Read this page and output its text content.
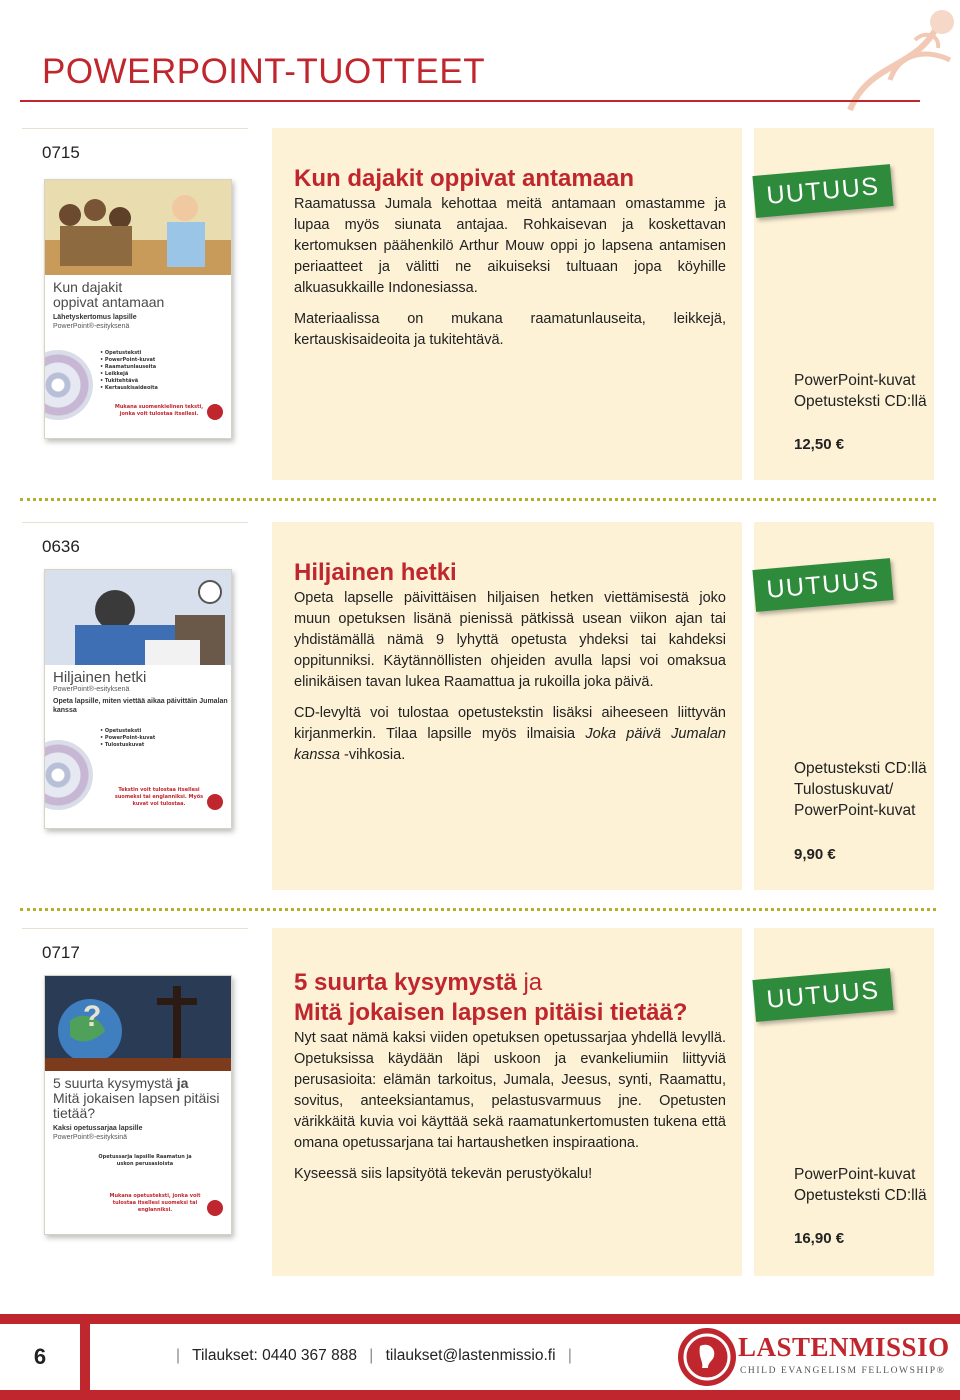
POWERPOINT-TUOTTEET
0715
Kun dajakit
oppivat antamaan
Lähetyskertomus lapsille
PowerPoint®-esityksenä
• Opetusteksti
• PowerPoint-kuvat
• Raamatunlauseita
• Leikkejä
• Tukitehtävä
• Kertauskisaideoita
Mukana suomenkielinen teksti, jonka voit tulostaa itsellesi.
Kun dajakit oppivat antamaan

Raamatussa Jumala kehottaa meitä antamaan omastamme ja lupaa myös siunata antajaa. Rohkaisevan ja koskettavan kertomuksen päähenkilö Arthur Mouw oppi jo lapsena antamisen periaatteet ja välitti ne aikuiseksi tultuaan jopa köyhille alkuasukkaille Indonesiassa.

Materiaalissa on mukana raamatunlauseita, leikkejä, kertauskisaideoita ja tukitehtävä.

UUTUUS
PowerPoint-kuvat
Opetusteksti CD:llä
12,50 €
0636
Hiljainen hetki
PowerPoint®-esityksenä
Opeta lapsille, miten viettää aikaa päivittäin Jumalan kanssa
• Opetusteksti
• PowerPoint-kuvat
• Tulostuskuvat
Tekstin voit tulostaa itsellesi suomeksi tai englanniksi. Myös kuvat voi tulostaa.
Hiljainen hetki

Opeta lapselle päivittäisen hiljaisen hetken viettämisestä joko muun opetuksen lisänä pienissä pätkissä usean viikon ajan tai yhdistämällä nämä 9 lyhyttä opetusta yhdeksi tai kahdeksi oppitunniksi. Käytännöllisten ohjeiden avulla lapsi voi omaksua elinikäisen tavan lukea Raamattua ja rukoilla joka päivä.

CD-levyltä voi tulostaa opetustekstin lisäksi aiheeseen liittyvän kirjanmerkin. Tilaa lapsille myös ilmaisia Joka päivä Jumalan kanssa -vihkosia.

UUTUUS
Opetusteksti CD:llä
Tulostuskuvat/
PowerPoint-kuvat
9,90 €
0717
?
5 suurta kysymystä ja
Mitä jokaisen lapsen pitäisi tietää?
Kaksi opetussarjaa lapsille
PowerPoint®-esityksinä
Opetussarja lapsille Raamatun ja uskon perusasioista
Mukana opetusteksti, jonka voit tulostaa itsellesi suomeksi tai englanniksi.
5 suurta kysymystä ja
Mitä jokaisen lapsen pitäisi tietää?

Nyt saat nämä kaksi viiden opetuksen opetussarjaa yhdellä levyllä. Opetuksissa käydään läpi uskoon ja evankeliumiin liittyviä perusasioita: elämän tarkoitus, Jumala, Jeesus, synti, Raamattu, sovitus, anteeksiantamus, pelastusvarmuus jne. Opetusten värikkäitä kuvia voi käyttää sekä raamatunkertomusten tukena että omana opetussarjana tai hartaushetken inspiraationa.

Kyseessä siis lapsityötä tekevän perustyökalu!

UUTUUS
PowerPoint-kuvat
Opetusteksti CD:llä
16,90 €
6	| Tilaukset: 0440 367 888 | tilaukset@lastenmissio.fi |	LASTENMISSIO
CHILD EVANGELISM FELLOWSHIP®
